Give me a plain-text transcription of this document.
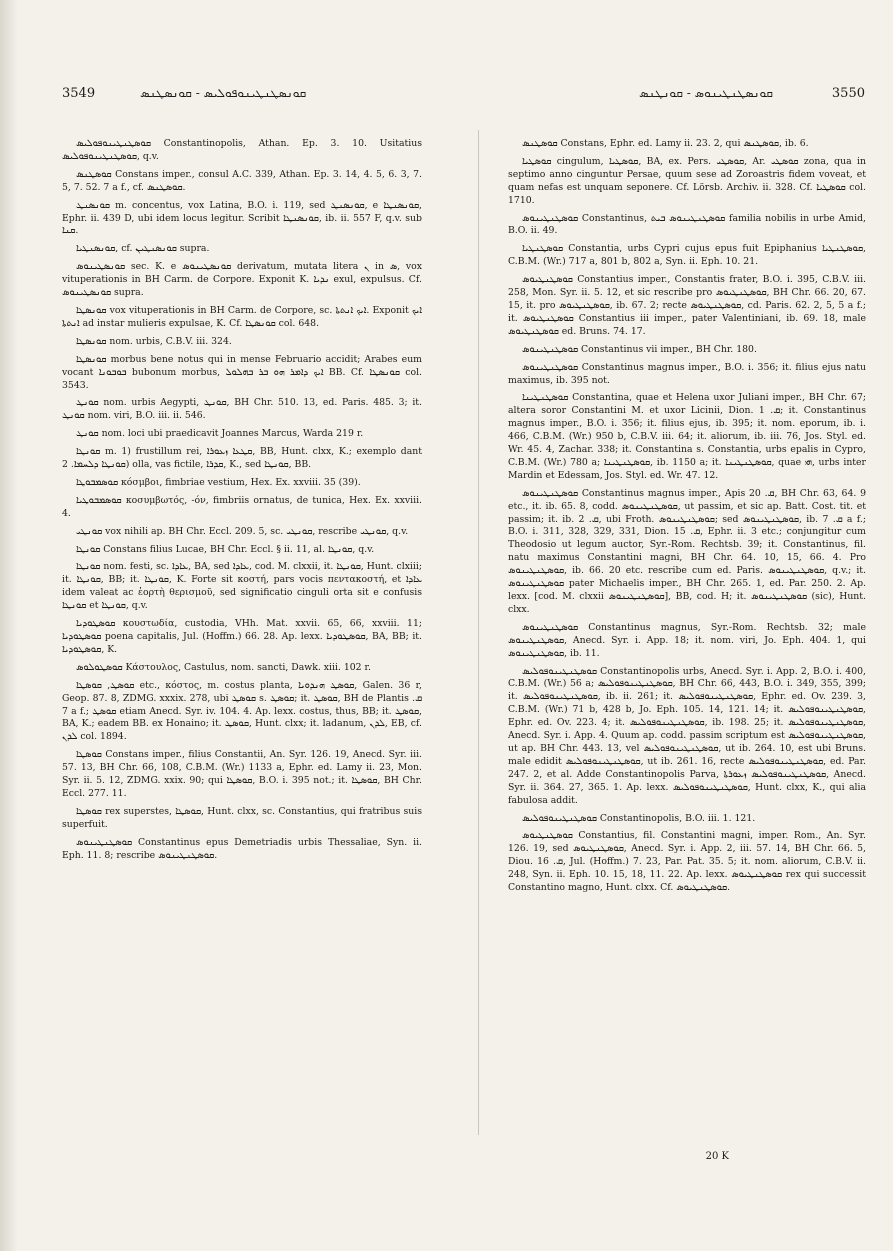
3549	ܩܘܢܣܛܢܛܝܢܘܦܘܠܝܣ - ܩܘܢܣܛܢܣ	ܩܘܢܣܛܢܛܝܢܘܣ - ܩܘܢܛܢܣ	3550

ܩܘܣܛܢܛܝܢܘܦܘܠܝܣ Constantinopolis, Athan. Ep. 3. 10. Usitatius ܩܘܣܛܢܛܝܢܘܦܘܠܝܣ, q.v.

ܩܘܣܛܢܣ Constans imper., consul A.C. 339, Athan. Ep. 3. 14, 4. 5, 6. 3, 7. 5, 7. 52. 7 a f., cf. ܩܘܣܛܢܣ.

ܩܘܢܣܢܛ m. concentus, vox Latina, B.O. i. 119, sed ܩܘܢܣܢܛ, e ܩܘܢܣܢܛܐ, Ephr. ii. 439 D, ubi idem locus legitur. Scribit ܩܘܢܣܢܛܐ, ib. ii. 557 F, q.v. sub ܩܢܐ.

ܩܘܢܣܢܛܝܐ, cf. ܩܘܢܣܢܛܝܢ supra.

ܩܘܢܣܛܝܢܘܣ sec. K. e ܩܘܢܣܛܝܢܘܣ derivatum, mutata litera ܢ in ܣ, vox vituperationis in BH Carm. de Corpore. Exponit K. ܢܕܝܐ exul, expulsus. Cf. ܩܘܢܣܛܝܢܘܣ supra.

ܩܘܢܣܛܐ vox vituperationis in BH Carm. de Corpore, sc. ܐܝܟ ܐܢܬܬܐ. Exponit ܐܝܟ ܐܢܬܬܐ ad instar mulieris expulsae, K. Cf. ܩܘܢܣܛܐ col. 648.

ܩܘܢܣܛܐ nom. urbis, C.B.V. iii. 324.

ܩܘܢܣܛܐ morbus bene notus qui in mense Februario accidit; Arabes eum vocant ܒܘܒܘܢܐ bubonum morbus, ܐܝܟ ܕܐܡܪ ܗܘ ܒܪ ܒܗܠܘܠ BB. Cf. ܩܘܢܣܛܐ col. 3543.

ܩܘܢܛ nom. urbis Aegypti, ܩܘܢܛ, BH Chr. 510. 13, ed. Paris. 485. 3; it. ܩܘܢܛ nom. viri, B.O. iii. ii. 546.

ܩܘܢܛ nom. loci ubi praedicavit Joannes Marcus, Warda 219 r.

ܩܘܢܛܐ m. 1) frustillum rei, ܩܛܥܐ ܙܥܘܪܐ, BB, Hunt. clxx, K.; exemplo dant ܩܘܢܛܐ ܕܠܚܡܐ. 2) olla, vas fictile, ܩܕܪܐ, K., sed ܩܘܢܛܐ, BB.

ܩܘܣܡܒܘܛܐ κόσμβοι, fimbriae vestium, Hex. Ex. xxviii. 35 (39).

ܩܘܣܡܒܘܛܝܐ κοσυμβωτός, -όν, fimbriis ornatus, de tunica, Hex. Ex. xxviii. 4.

ܩܘܢܛܝ vox nihili ap. BH Chr. Eccl. 209. 5, sc. ܩܘܢܛܝ, rescribe ܩܘܢܛܝ, q.v.

ܩܘܢܛܐ Constans filius Lucae, BH Chr. Eccl. § ii. 11, al. ܩܘܢܛܐ, q.v.

ܩܘܢܛܐ nom. festi, sc. ܥܐܕܐ, BA, sed ܥܐܕܐ, cod. M. clxxii, it. ܩܘܢܛܐ, Hunt. clxiii; it. ܩܘܢܛܐ, BB; it. ܩܘܢܛܐ, K. Forte sit κοστή, pars vocis πεντακοστή, et ܥܐܕܐ idem valeat ac ἑορτὴ θερισμοῦ, sed significatio cinguli orta sit e confusis ܩܘܢܛܐ et ܩܘܢܛܐ, q.v.

ܩܘܣܛܘܕܝܐ κουστωδία, custodia, VHh. Mat. xxvii. 65, 66, xxviii. 11; ܩܘܣܛܘܕܝܐ poena capitalis, Jul. (Hoffm.) 66. 28. Ap. lexx. ܩܘܣܛܘܕܝܐ, BA, BB; it. ܩܘܣܛܘܕܝܐ, K.

ܩܘܣܛܘܠܘܣ Κάστουλος, Castulus, nom. sancti, Dawk. xiii. 102 r.

ܩܘܣܛ, ܩܘܣܛܐ etc., κόστος, m. costus planta, ܩܘܣܛ ܗܢܕܘܝܐ, Galen. 36 r, Geop. 87. 8, ZDMG. xxxix. 278, ubi ܩܘܣܛ s. ܩܘܣܛ; it. ܩܘܣܛ, BH de Plantis ܩ. 7 a f.; ܩܘܣܛ etiam Anecd. Syr. iv. 104. 4. Ap. lexx. costus, thus, BB; it. ܩܘܣܛ, BA, K.; eadem BB. ex Honaino; it. ܩܘܣܛ, Hunt. clxx; it. ladanum, ܠܕܢ, EB, cf. ܠܕܢ col. 1894.

ܩܘܣܛܐ Constans imper., filius Constantii, An. Syr. 126. 19, Anecd. Syr. iii. 57. 13, BH Chr. 66, 108, C.B.M. (Wr.) 1133 a, Ephr. ed. Lamy ii. 23, Mon. Syr. ii. 5. 12, ZDMG. xxix. 90; qui ܩܘܣܛܐ, B.O. i. 395 not.; it. ܩܘܣܛܐ, BH Chr. Eccl. 277. 11.

ܩܘܣܛܐ rex superstes, ܩܘܣܛܐ, Hunt. clxx, sc. Constantius, qui fratribus suis superfuit.

ܩܘܣܛܢܛܝܢܘܣ Constantinus epus Demetriadis urbis Thessaliae, Syn. ii. Eph. 11. 8; rescribe ܩܘܣܛܢܛܝܢܘܣ.

ܩܘܣܛܢܣ Constans, Ephr. ed. Lamy ii. 23. 2, qui ܩܘܣܛܢܣ, ib. 6.

ܩܘܣܛܝܐ cingulum, ܩܘܣܛܝܐ, BA, ex. Pers. ܩܘܣܛܝ, Ar. ܩܘܣܛܝ zona, qua in septimo anno cinguntur Persae, quum sese ad Zoroastris fidem voveat, et quam nefas est unquam seponere. Cf. Lörsb. Archiv. ii. 328. Cf. ܩܘܣܛܝܐ col. 1710.

ܩܘܣܛܢܛܝܢܘܣ Constantinus, ܩܘܣܛܢܛܝܢܘܣ ܒܝܬ familia nobilis in urbe Amid, B.O. ii. 49.

ܩܘܣܛܢܛܝܐ Constantia, urbs Cypri cujus epus fuit Epiphanius ܩܘܣܛܢܛܝܐ, C.B.M. (Wr.) 717 a, 801 b, 802 a, Syn. ii. Eph. 10. 21.

ܩܘܣܛܢܛܝܘܣ Constantius imper., Constantis frater, B.O. i. 395, C.B.V. iii. 258, Mon. Syr. ii. 5. 12, et sic rescribe pro ܩܘܣܛܢܛܝܘܣ, BH Chr. 66. 20, 67. 15, it. pro ܩܘܣܛܢܛܝܘܣ, ib. 67. 2; recte ܩܘܣܛܢܛܝܘܣ, cd. Paris. 62. 2, 5, 5 a f.; it. ܩܘܣܛܢܛܝܘܣ Constantius iii imper., pater Valentiniani, ib. 69. 18, male ܩܘܣܛܢܛܝܘܣ ed. Bruns. 74. 17.

ܩܘܣܛܢܛܝܢܘܣ Constantinus vii imper., BH Chr. 180.

ܩܘܣܛܢܛܝܢܘܣ Constantinus magnus imper., B.O. i. 356; it. filius ejus natu maximus, ib. 395 not.

ܩܘܣܛܢܛܝܢܐ Constantina, quae et Helena uxor Juliani imper., BH Chr. 67; altera soror Constantini M. et uxor Licinii, Dion. ܩ. 1; it. Constantinus magnus imper., B.O. i. 356; it. filius ejus, ib. 395; it. nom. eporum, ib. i. 466, C.B.M. (Wr.) 950 b, C.B.V. iii. 64; it. aliorum, ib. iii. 76, Jos. Styl. ed. Wr. 45. 4, Zachar. 338; it. Constantina s. Constantia, urbs epalis in Cypro, C.B.M. (Wr.) 780 a; ܩܘܣܛܢܛܝܢܐ, ib. 1150 a; it. ܩܘܣܛܢܛܝܢܐ, quae ܗܝ, urbs inter Mardin et Edessam, Jos. Styl. ed. Wr. 47. 12.

ܩܘܣܛܢܛܝܢܘܣ Constantinus magnus imper., Apis ܩ. 20, BH Chr. 63, 64. 9 etc., it. ib. 65. 8, codd. ܩܘܣܛܢܛܝܢܘܣ, ut passim, et sic ap. Batt. Cost. tit. et passim; it. ib. ܩ. 2, ubi Froth. ܩܘܣܛܢܛܝܢܘܣ; sed ܩܘܣܛܢܛܝܢܘܣ, ib. ܩ. 7 a f.; B.O. i. 311, 328, 329, 331, Dion. ܩ. 15, Ephr. ii. 3 etc.; conjungitur cum Theodosio ut legum auctor, Syr.-Rom. Rechtsb. 39; it. Constantinus, fil. natu maximus Constantini magni, BH Chr. 64. 10, 15, 66. 4. Pro ܩܘܣܛܢܛܝܢܘܣ, ib. 66. 20 etc. rescribe cum ed. Paris. ܩܘܣܛܢܛܝܢܘܣ, q.v.; it. ܩܘܣܛܢܛܝܢܘܣ pater Michaelis imper., BH Chr. 265. 1, ed. Par. 250. 2. Ap. lexx. [cod. M. clxxii ܩܘܣܛܢܛܝܢܘܣ], BB, cod. H; it. ܩܘܣܛܢܛܝܢܘܣ (sic), Hunt. clxx.

ܩܘܣܛܢܛܝܢܘܣ Constantinus magnus, Syr.-Rom. Rechtsb. 32; male ܩܘܣܛܢܛܝܢܘܣ, Anecd. Syr. i. App. 18; it. nom. viri, Jo. Eph. 404. 1, qui ܩܘܣܛܢܛܝܢܘܣ, ib. 11.

ܩܘܣܛܢܛܝܢܘܦܘܠܝܣ Constantinopolis urbs, Anecd. Syr. i. App. 2, B.O. i. 400, C.B.M. (Wr.) 56 a; ܩܘܣܛܢܛܝܢܘܦܘܠܝܣ, BH Chr. 66, 443, B.O. i. 349, 355, 399; it. ܩܘܣܛܢܛܝܢܘܦܘܠܝܣ, ib. ii. 261; it. ܩܘܣܛܢܛܝܢܘܦܘܠܝܣ, Ephr. ed. Ov. 239. 3, C.B.M. (Wr.) 71 b, 428 b, Jo. Eph. 105. 14, 121. 14; it. ܩܘܣܛܢܛܝܢܘܦܘܠܝܣ, Ephr. ed. Ov. 223. 4; it. ܩܘܣܛܢܛܝܢܘܦܘܠܝܣ, ib. 198. 25; it. ܩܘܣܛܢܛܝܢܘܦܘܠܝܣ, Anecd. Syr. i. App. 4. Quum ap. codd. passim scriptum est ܩܘܣܛܢܛܝܢܘܦܘܠܝܣ, ut ap. BH Chr. 443. 13, vel ܩܘܣܛܢܛܝܢܘܦܘܠܝܣ, ut ib. 264. 10, est ubi Bruns. male edidit ܩܘܣܛܢܛܝܢܘܦܘܠܝܣ, ut ib. 261. 16, recte ܩܘܣܛܢܛܝܢܘܦܘܠܝܣ, ed. Par. 247. 2, et al. Adde Constantinopolis Parva, ܩܘܣܛܢܛܝܢܘܦܘܠܝܣ ܙܥܘܪܬܐ, Anecd. Syr. ii. 364. 27, 365. 1. Ap. lexx. ܩܘܣܛܢܛܝܢܘܦܘܠܝܣ, Hunt. clxx, K., qui alia fabulosa addit.

ܩܘܣܛܢܛܝܢܘܦܘܠܝܣ Constantinopolis, B.O. iii. 1. 121.

ܩܘܣܛܢܛܝܘܣ Constantius, fil. Constantini magni, imper. Rom., An. Syr. 126. 19, sed ܩܘܣܛܢܛܝܘܣ, Anecd. Syr. i. App. 2, iii. 57. 14, BH Chr. 66. 5, Diou. ܩ. 16, Jul. (Hoffm.) 7. 23, Par. Pat. 35. 5; it. nom. aliorum, C.B.V. ii. 248, Syn. ii. Eph. 10. 15, 18, 11. 22. Ap. lexx. ܩܘܣܛܢܛܝܘܣ rex qui successit Constantino magno, Hunt. clxx. Cf. ܩܘܣܛܢܛܝܘܣ.

20 K
